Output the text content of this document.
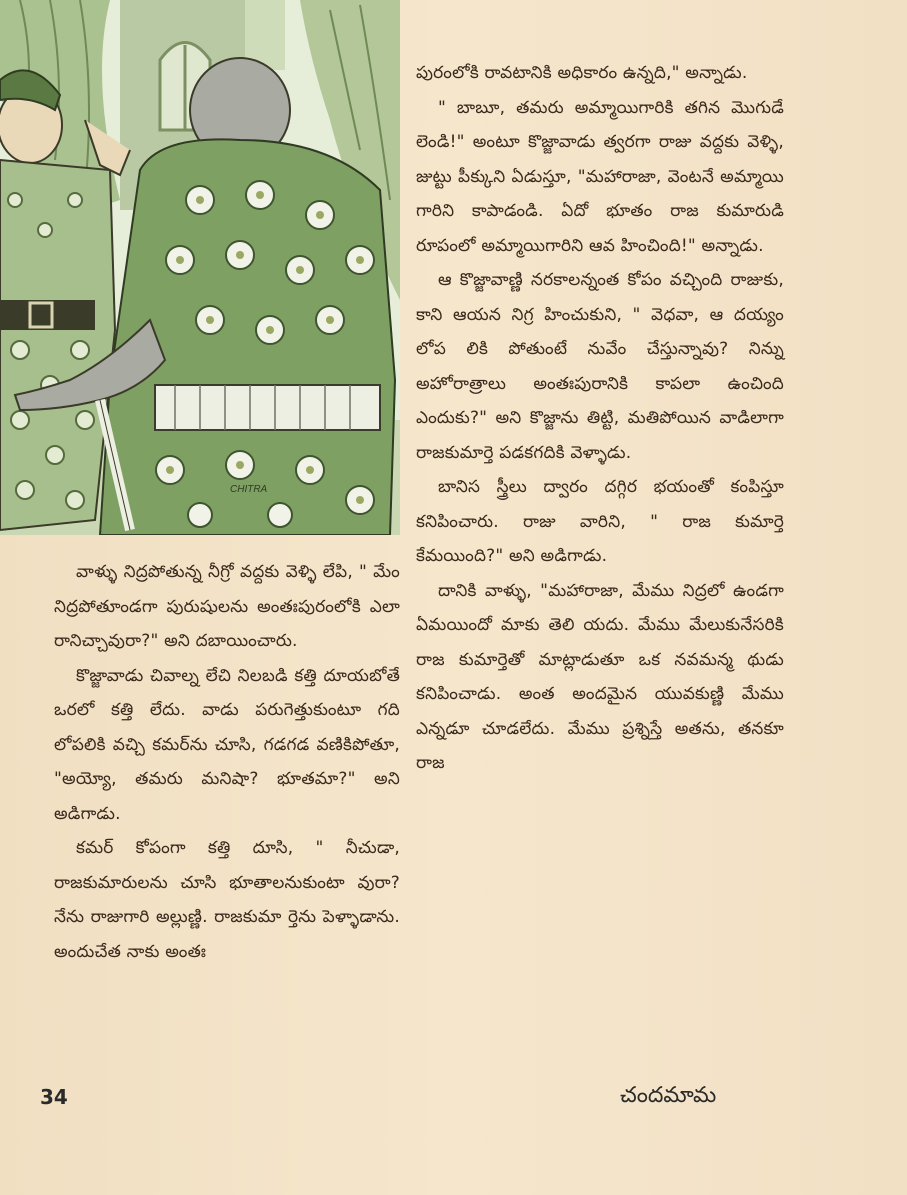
CHITRA

వాళ్ళు నిద్రపోతున్న నీగ్రో వద్దకు వెళ్ళి లేపి, " మేం నిద్రపోతూండగా పురుషులను అంతఃపురంలోకి ఎలా రానిచ్చావురా?" అని దబాయించారు.

కొజ్జావాడు చివాల్న లేచి నిలబడి కత్తి దూయబోతే ఒరలో కత్తి లేదు. వాడు పరుగెత్తుకుంటూ గది లోపలికి వచ్చి కమర్‌ను చూసి, గడగడ వణికిపోతూ, "అయ్యో, తమరు మనిషా? భూతమా?" అని అడిగాడు.

కమర్ కోపంగా కత్తి దూసి, " నీచుడా, రాజకుమారులను చూసి భూతాలనుకుంటా వురా? నేను రాజుగారి అల్లుణ్ణి. రాజకుమా ర్తెను పెళ్ళాడాను. అందుచేత నాకు అంతః

పురంలోకి రావటానికి అధికారం ఉన్నది," అన్నాడు.

" బాబూ, తమరు అమ్మాయిగారికి తగిన మొగుడే లెండి!" అంటూ కొజ్జావాడు త్వరగా రాజు వద్దకు వెళ్ళి, జుట్టు పీక్కుని ఏడుస్తూ, "మహారాజా, వెంటనే అమ్మాయి గారిని కాపాడండి. ఏదో భూతం రాజ కుమారుడి రూపంలో అమ్మాయిగారిని ఆవ హించింది!" అన్నాడు.

ఆ కొజ్జావాణ్ణి నరకాలన్నంత కోపం వచ్చింది రాజుకు, కాని ఆయన నిగ్ర హించుకుని, " వెధవా, ఆ దయ్యం లోప లికి పోతుంటే నువేం చేస్తున్నావు? నిన్ను అహోరాత్రాలు అంతఃపురానికి కాపలా ఉంచింది ఎందుకు?" అని కొజ్జాను తిట్టి, మతిపోయిన వాడిలాగా రాజకుమార్తె పడకగదికి వెళ్ళాడు.

బానిస స్త్రీలు ద్వారం దగ్గిర భయంతో కంపిస్తూ కనిపించారు. రాజు వారిని, " రాజ కుమార్తె కేమయింది?" అని అడిగాడు.

దానికి వాళ్ళు, "మహారాజా, మేము నిద్రలో ఉండగా ఏమయిందో మాకు తెలి యదు. మేము మేలుకునేసరికి రాజ కుమార్తెతో మాట్లాడుతూ ఒక నవమన్మ థుడు కనిపించాడు. అంత అందమైన యువకుణ్ణి మేము ఎన్నడూ చూడలేదు. మేము ప్రశ్నిస్తే అతను, తనకూ రాజ

34	చందమామ
